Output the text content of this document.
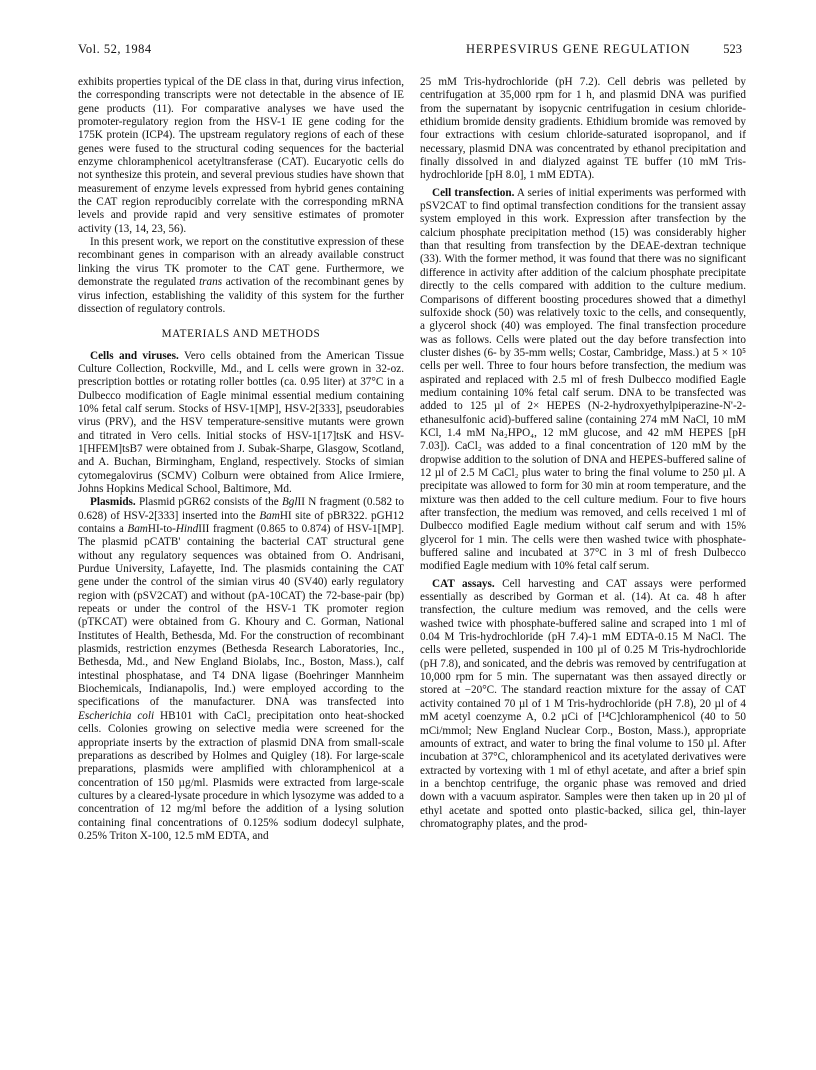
Vol. 52, 1984	HERPESVIRUS GENE REGULATION	523

exhibits properties typical of the DE class in that, during virus infection, the corresponding transcripts were not detectable in the absence of IE gene products (11). For comparative analyses we have used the promoter-regulatory region from the HSV-1 IE gene coding for the 175K protein (ICP4). The upstream regulatory regions of each of these genes were fused to the structural coding sequences for the bacterial enzyme chloramphenicol acetyltransferase (CAT). Eucaryotic cells do not synthesize this protein, and several previous studies have shown that measurement of enzyme levels expressed from hybrid genes containing the CAT region reproducibly correlate with the corresponding mRNA levels and provide rapid and very sensitive estimates of promoter activity (13, 14, 23, 56).

In this present work, we report on the constitutive expression of these recombinant genes in comparison with an already available construct linking the virus TK promoter to the CAT gene. Furthermore, we demonstrate the regulated trans activation of the recombinant genes by virus infection, establishing the validity of this system for the further dissection of regulatory controls.

MATERIALS AND METHODS

Cells and viruses. Vero cells obtained from the American Tissue Culture Collection, Rockville, Md., and L cells were grown in 32-oz. prescription bottles or rotating roller bottles (ca. 0.95 liter) at 37°C in a Dulbecco modification of Eagle minimal essential medium containing 10% fetal calf serum. Stocks of HSV-1[MP], HSV-2[333], pseudorabies virus (PRV), and the HSV temperature-sensitive mutants were grown and titrated in Vero cells. Initial stocks of HSV-1[17]tsK and HSV-1[HFEM]tsB7 were obtained from J. Subak-Sharpe, Glasgow, Scotland, and A. Buchan, Birmingham, England, respectively. Stocks of simian cytomegalovirus (SCMV) Colburn were obtained from Alice Irmiere, Johns Hopkins Medical School, Baltimore, Md.

Plasmids. Plasmid pGR62 consists of the BglII N fragment (0.582 to 0.628) of HSV-2[333] inserted into the BamHI site of pBR322. pGH12 contains a BamHI-to-HindIII fragment (0.865 to 0.874) of HSV-1[MP]. The plasmid pCATB' containing the bacterial CAT structural gene without any regulatory sequences was obtained from O. Andrisani, Purdue University, Lafayette, Ind. The plasmids containing the CAT gene under the control of the simian virus 40 (SV40) early regulatory region with (pSV2CAT) and without (pA-10CAT) the 72-base-pair (bp) repeats or under the control of the HSV-1 TK promoter region (pTKCAT) were obtained from G. Khoury and C. Gorman, National Institutes of Health, Bethesda, Md. For the construction of recombinant plasmids, restriction enzymes (Bethesda Research Laboratories, Inc., Bethesda, Md., and New England Biolabs, Inc., Boston, Mass.), calf intestinal phosphatase, and T4 DNA ligase (Boehringer Mannheim Biochemicals, Indianapolis, Ind.) were employed according to the specifications of the manufacturer. DNA was transfected into Escherichia coli HB101 with CaCl₂ precipitation onto heat-shocked cells. Colonies growing on selective media were screened for the appropriate inserts by the extraction of plasmid DNA from small-scale preparations as described by Holmes and Quigley (18). For large-scale preparations, plasmids were amplified with chloramphenicol at a concentration of 150 µg/ml. Plasmids were extracted from large-scale cultures by a cleared-lysate procedure in which lysozyme was added to a concentration of 12 mg/ml before the addition of a lysing solution containing final concentrations of 0.125% sodium dodecyl sulphate, 0.25% Triton X-100, 12.5 mM EDTA, and

25 mM Tris-hydrochloride (pH 7.2). Cell debris was pelleted by centrifugation at 35,000 rpm for 1 h, and plasmid DNA was purified from the supernatant by isopycnic centrifugation in cesium chloride-ethidium bromide density gradients. Ethidium bromide was removed by four extractions with cesium chloride-saturated isopropanol, and if necessary, plasmid DNA was concentrated by ethanol precipitation and finally dissolved in and dialyzed against TE buffer (10 mM Tris-hydrochloride [pH 8.0], 1 mM EDTA).

Cell transfection. A series of initial experiments was performed with pSV2CAT to find optimal transfection conditions for the transient assay system employed in this work. Expression after transfection by the calcium phosphate precipitation method (15) was considerably higher than that resulting from transfection by the DEAE-dextran technique (33). With the former method, it was found that there was no significant difference in activity after addition of the calcium phosphate precipitate directly to the cells compared with addition to the culture medium. Comparisons of different boosting procedures showed that a dimethyl sulfoxide shock (50) was relatively toxic to the cells, and consequently, a glycerol shock (40) was employed. The final transfection procedure was as follows. Cells were plated out the day before transfection into cluster dishes (6- by 35-mm wells; Costar, Cambridge, Mass.) at 5 × 10⁵ cells per well. Three to four hours before transfection, the medium was aspirated and replaced with 2.5 ml of fresh Dulbecco modified Eagle medium containing 10% fetal calf serum. DNA to be transfected was added to 125 µl of 2× HEPES (N-2-hydroxyethylpiperazine-N'-2-ethanesulfonic acid)-buffered saline (containing 274 mM NaCl, 10 mM KCl, 1.4 mM Na₂HPO₄, 12 mM glucose, and 42 mM HEPES [pH 7.03]). CaCl₂ was added to a final concentration of 120 mM by the dropwise addition to the solution of DNA and HEPES-buffered saline of 12 µl of 2.5 M CaCl₂ plus water to bring the final volume to 250 µl. A precipitate was allowed to form for 30 min at room temperature, and the mixture was then added to the cell culture medium. Four to five hours after transfection, the medium was removed, and cells received 1 ml of Dulbecco modified Eagle medium without calf serum and with 15% glycerol for 1 min. The cells were then washed twice with phosphate-buffered saline and incubated at 37°C in 3 ml of fresh Dulbecco modified Eagle medium with 10% fetal calf serum.

CAT assays. Cell harvesting and CAT assays were performed essentially as described by Gorman et al. (14). At ca. 48 h after transfection, the culture medium was removed, and the cells were washed twice with phosphate-buffered saline and scraped into 1 ml of 0.04 M Tris-hydrochloride (pH 7.4)-1 mM EDTA-0.15 M NaCl. The cells were pelleted, suspended in 100 µl of 0.25 M Tris-hydrochloride (pH 7.8), and sonicated, and the debris was removed by centrifugation at 10,000 rpm for 5 min. The supernatant was then assayed directly or stored at −20°C. The standard reaction mixture for the assay of CAT activity contained 70 µl of 1 M Tris-hydrochloride (pH 7.8), 20 µl of 4 mM acetyl coenzyme A, 0.2 µCi of [¹⁴C]chloramphenicol (40 to 50 mCi/mmol; New England Nuclear Corp., Boston, Mass.), appropriate amounts of extract, and water to bring the final volume to 150 µl. After incubation at 37°C, chloramphenicol and its acetylated derivatives were extracted by vortexing with 1 ml of ethyl acetate, and after a brief spin in a benchtop centrifuge, the organic phase was removed and dried down with a vacuum aspirator. Samples were then taken up in 20 µl of ethyl acetate and spotted onto plastic-backed, silica gel, thin-layer chromatography plates, and the prod-
